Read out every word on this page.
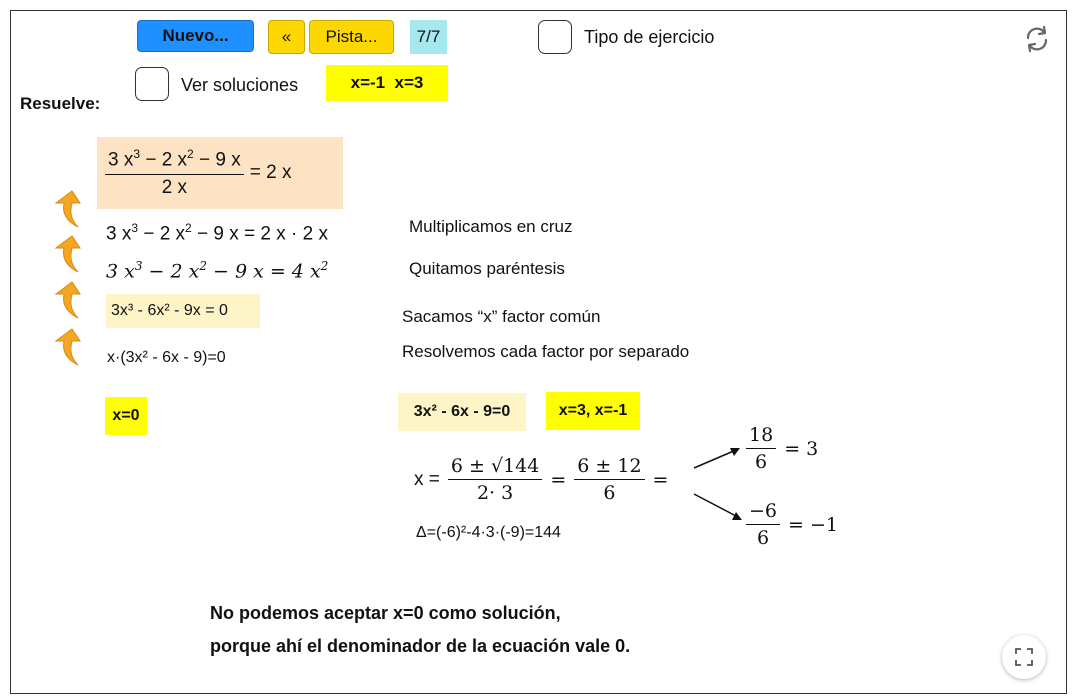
Nuevo...	«	Pista...	7/7	Tipo de ejercicio
Ver soluciones	x=-1  x=3
Resuelve:
$\frac{3 x^3 - 2 x^2 - 9 x}{2 x} = 2$ x
3 $x^3 - 2$ $x^2 - 9$ x = 2 x · 2 x	Multiplicamos en cruz
3 $x^3 - 2$ $x^2 - 9$ x = 4 $x^2$	Quitamos paréntesis
3x³ - 6x² - 9x = 0	Sacamos “x” factor común
x·(3x² - 6x - 9)=0	Resolvemos cada factor por separado
x=0	3x² - 6x - 9=0	x=3, x=-1
$x = \frac{6 \pm √144}{2\cdot 3} = \frac{6 \pm 12}{6}$ =
$\frac{18}{6} = 3$
$\frac{-6}{6} = -1$
Δ=(-6)²-4·3·(-9)=144
No podemos aceptar x=0 como solución,
porque ahí el denominador de la ecuación vale 0.
